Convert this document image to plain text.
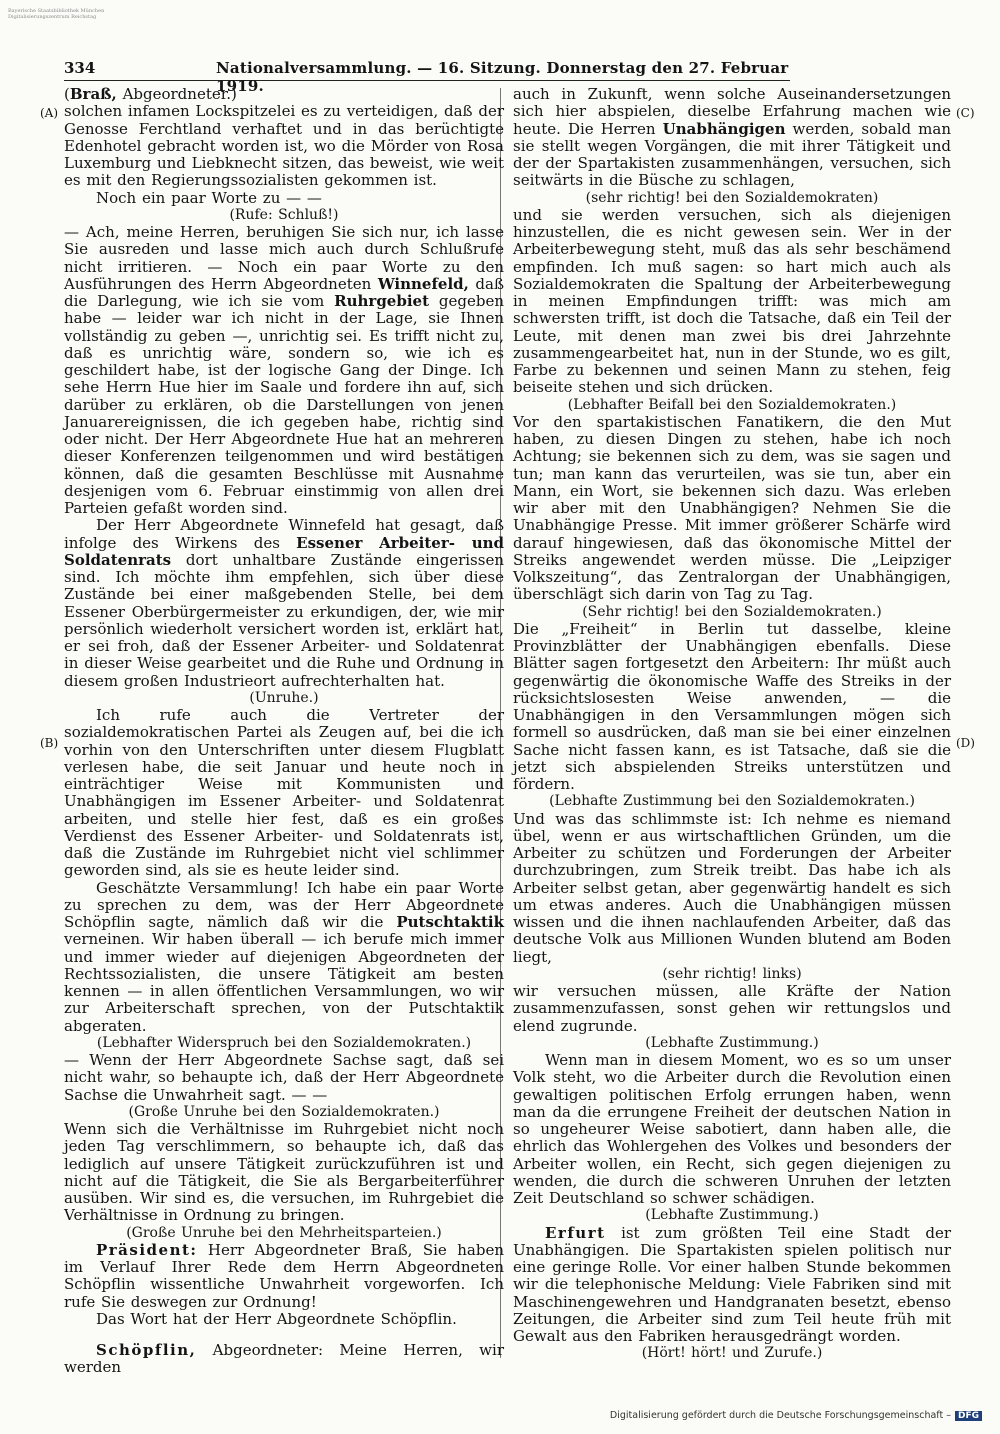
Bayerische Staatsbibliothek München
Digitalisierungszentrum Reichstag
334	Nationalversammlung. — 16. Sitzung. Donnerstag den 27. Februar 1919.
(A)
(B)
(C)
(D)

(Braß, Abgeordneter.)

solchen infamen Lockspitzelei es zu verteidigen, daß der Genosse Ferchtland verhaftet und in das berüchtigte Edenhotel gebracht worden ist, wo die Mörder von Rosa Luxemburg und Liebknecht sitzen, das beweist, wie weit es mit den Regierungssozialisten gekommen ist.

Noch ein paar Worte zu — —

(Rufe: Schluß!)

— Ach, meine Herren, beruhigen Sie sich nur, ich lasse Sie ausreden und lasse mich auch durch Schlußrufe nicht irritieren. — Noch ein paar Worte zu den Ausführungen des Herrn Abgeordneten Winnefeld, daß die Darlegung, wie ich sie vom Ruhrgebiet gegeben habe — leider war ich nicht in der Lage, sie Ihnen vollständig zu geben —, unrichtig sei. Es trifft nicht zu, daß es unrichtig wäre, sondern so, wie ich es geschildert habe, ist der logische Gang der Dinge. Ich sehe Herrn Hue hier im Saale und fordere ihn auf, sich darüber zu erklären, ob die Darstellungen von jenen Januarereignissen, die ich gegeben habe, richtig sind oder nicht. Der Herr Abgeordnete Hue hat an mehreren dieser Konferenzen teilgenommen und wird bestätigen können, daß die gesamten Beschlüsse mit Ausnahme desjenigen vom 6. Februar einstimmig von allen drei Parteien gefaßt worden sind.

Der Herr Abgeordnete Winnefeld hat gesagt, daß infolge des Wirkens des Essener Arbeiter- und Soldatenrats dort unhaltbare Zustände eingerissen sind. Ich möchte ihm empfehlen, sich über diese Zustände bei einer maßgebenden Stelle, bei dem Essener Oberbürgermeister zu erkundigen, der, wie mir persönlich wiederholt versichert worden ist, erklärt hat, er sei froh, daß der Essener Arbeiter- und Soldatenrat in dieser Weise gearbeitet und die Ruhe und Ordnung in diesem großen Industrieort aufrechterhalten hat.

(Unruhe.)

Ich rufe auch die Vertreter der sozialdemokratischen Partei als Zeugen auf, bei die ich vorhin von den Unterschriften unter diesem Flugblatt verlesen habe, die seit Januar und heute noch in einträchtiger Weise mit Kommunisten und Unabhängigen im Essener Arbeiter- und Soldatenrat arbeiten, und stelle hier fest, daß es ein großes Verdienst des Essener Arbeiter- und Soldatenrats ist, daß die Zustände im Ruhrgebiet nicht viel schlimmer geworden sind, als sie es heute leider sind.

Geschätzte Versammlung! Ich habe ein paar Worte zu sprechen zu dem, was der Herr Abgeordnete Schöpflin sagte, nämlich daß wir die Putschtaktik verneinen. Wir haben überall — ich berufe mich immer und immer wieder auf diejenigen Abgeordneten der Rechtssozialisten, die unsere Tätigkeit am besten kennen — in allen öffentlichen Versammlungen, wo wir zur Arbeiterschaft sprechen, von der Putschtaktik abgeraten.

(Lebhafter Widerspruch bei den Sozialdemokraten.)

— Wenn der Herr Abgeordnete Sachse sagt, daß sei nicht wahr, so behaupte ich, daß der Herr Abgeordnete Sachse die Unwahrheit sagt. — —

(Große Unruhe bei den Sozialdemokraten.)

Wenn sich die Verhältnisse im Ruhrgebiet nicht noch jeden Tag verschlimmern, so behaupte ich, daß das lediglich auf unsere Tätigkeit zurückzuführen ist und nicht auf die Tätigkeit, die Sie als Bergarbeiterführer ausüben. Wir sind es, die versuchen, im Ruhrgebiet die Verhältnisse in Ordnung zu bringen.

(Große Unruhe bei den Mehrheitsparteien.)

Präsident: Herr Abgeordneter Braß, Sie haben im Verlauf Ihrer Rede dem Herrn Abgeordneten Schöpflin wissentliche Unwahrheit vorgeworfen. Ich rufe Sie deswegen zur Ordnung!

Das Wort hat der Herr Abgeordnete Schöpflin.

Schöpflin, Abgeordneter: Meine Herren, wir werden

auch in Zukunft, wenn solche Auseinandersetzungen sich hier abspielen, dieselbe Erfahrung machen wie heute. Die Herren Unabhängigen werden, sobald man sie stellt wegen Vorgängen, die mit ihrer Tätigkeit und der der Spartakisten zusammenhängen, versuchen, sich seitwärts in die Büsche zu schlagen,

(sehr richtig! bei den Sozialdemokraten)

und sie werden versuchen, sich als diejenigen hinzustellen, die es nicht gewesen sein. Wer in der Arbeiterbewegung steht, muß das als sehr beschämend empfinden. Ich muß sagen: so hart mich auch als Sozialdemokraten die Spaltung der Arbeiterbewegung in meinen Empfindungen trifft: was mich am schwersten trifft, ist doch die Tatsache, daß ein Teil der Leute, mit denen man zwei bis drei Jahrzehnte zusammengearbeitet hat, nun in der Stunde, wo es gilt, Farbe zu bekennen und seinen Mann zu stehen, feig beiseite stehen und sich drücken.

(Lebhafter Beifall bei den Sozialdemokraten.)

Vor den spartakistischen Fanatikern, die den Mut haben, zu diesen Dingen zu stehen, habe ich noch Achtung; sie bekennen sich zu dem, was sie sagen und tun; man kann das verurteilen, was sie tun, aber ein Mann, ein Wort, sie bekennen sich dazu. Was erleben wir aber mit den Unabhängigen? Nehmen Sie die Unabhängige Presse. Mit immer größerer Schärfe wird darauf hingewiesen, daß das ökonomische Mittel der Streiks angewendet werden müsse. Die „Leipziger Volkszeitung“, das Zentralorgan der Unabhängigen, überschlägt sich darin von Tag zu Tag.

(Sehr richtig! bei den Sozialdemokraten.)

Die „Freiheit“ in Berlin tut dasselbe, kleine Provinzblätter der Unabhängigen ebenfalls. Diese Blätter sagen fortgesetzt den Arbeitern: Ihr müßt auch gegenwärtig die ökonomische Waffe des Streiks in der rücksichtslosesten Weise anwenden, — die Unabhängigen in den Versammlungen mögen sich formell so ausdrücken, daß man sie bei einer einzelnen Sache nicht fassen kann, es ist Tatsache, daß sie die jetzt sich abspielenden Streiks unterstützen und fördern.

(Lebhafte Zustimmung bei den Sozialdemokraten.)

Und was das schlimmste ist: Ich nehme es niemand übel, wenn er aus wirtschaftlichen Gründen, um die Arbeiter zu schützen und Forderungen der Arbeiter durchzubringen, zum Streik treibt. Das habe ich als Arbeiter selbst getan, aber gegenwärtig handelt es sich um etwas anderes. Auch die Unabhängigen müssen wissen und die ihnen nachlaufenden Arbeiter, daß das deutsche Volk aus Millionen Wunden blutend am Boden liegt,

(sehr richtig! links)

wir versuchen müssen, alle Kräfte der Nation zusammenzufassen, sonst gehen wir rettungslos und elend zugrunde.

(Lebhafte Zustimmung.)

Wenn man in diesem Moment, wo es so um unser Volk steht, wo die Arbeiter durch die Revolution einen gewaltigen politischen Erfolg errungen haben, wenn man da die errungene Freiheit der deutschen Nation in so ungeheurer Weise sabotiert, dann haben alle, die ehrlich das Wohlergehen des Volkes und besonders der Arbeiter wollen, ein Recht, sich gegen diejenigen zu wenden, die durch die schweren Unruhen der letzten Zeit Deutschland so schwer schädigen.

(Lebhafte Zustimmung.)

Erfurt ist zum größten Teil eine Stadt der Unabhängigen. Die Spartakisten spielen politisch nur eine geringe Rolle. Vor einer halben Stunde bekommen wir die telephonische Meldung: Viele Fabriken sind mit Maschinengewehren und Handgranaten besetzt, ebenso Zeitungen, die Arbeiter sind zum Teil heute früh mit Gewalt aus den Fabriken herausgedrängt worden.

(Hört! hört! und Zurufe.)

Digitalisierung gefördert durch die Deutsche Forschungsgemeinschaft – DFG
